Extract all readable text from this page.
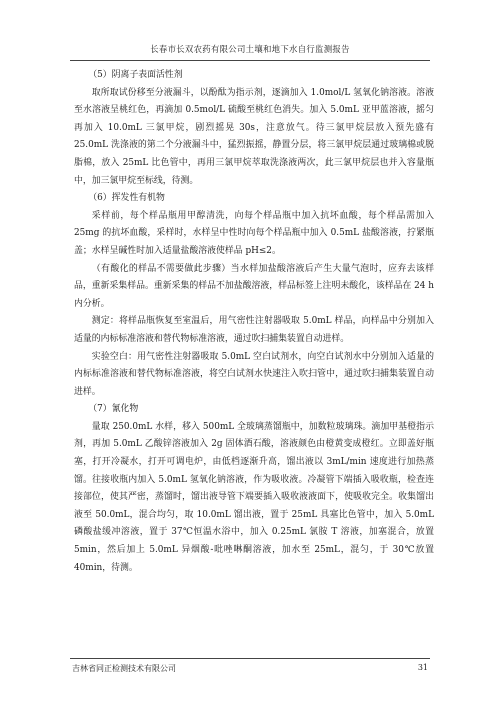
长春市长双农药有限公司土壤和地下水自行监测报告

（5）阴离子表面活性剂

取所取试份移至分液漏斗，以酚酞为指示剂，逐滴加入 1.0mol/L 氢氧化钠溶液。溶液至水溶液呈桃红色，再滴加 0.5mol/L 硫酸至桃红色消失。加入 5.0mL 亚甲蓝溶液，摇匀再加入 10.0mL 三氯甲烷，剧烈摇晃 30s，注意放气。待三氯甲烷层放入预先盛有 25.0mL 洗涤液的第二个分液漏斗中，猛烈振摇，静置分层，将三氯甲烷层通过玻璃棉或脱脂棉，放入 25mL 比色管中，再用三氯甲烷萃取洗涤液两次，此三氯甲烷层也并入容量瓶中，加三氯甲烷至标线，待测。

（6）挥发性有机物

采样前，每个样品瓶用甲醇清洗，向每个样品瓶中加入抗坏血酸，每个样品需加入 25mg 的抗坏血酸，采样时，水样呈中性时向每个样品瓶中加入 0.5mL 盐酸溶液，拧紧瓶盖；水样呈碱性时加入适量盐酸溶液使样品 pH≤2。

（有酸化的样品不需要做此步骤）当水样加盐酸溶液后产生大量气泡时，应弃去该样品，重新采集样品。重新采集的样品不加盐酸溶液，样品标签上注明未酸化，该样品在 24 h 内分析。

测定：将样品瓶恢复至室温后，用气密性注射器吸取 5.0mL 样品，向样品中分别加入适量的内标标准溶液和替代物标准溶液，通过吹扫捕集装置自动进样。

实验空白：用气密性注射器吸取 5.0mL 空白试剂水，向空白试剂水中分别加入适量的内标标准溶液和替代物标准溶液，将空白试剂水快速注入吹扫管中，通过吹扫捕集装置自动进样。

（7）氰化物

量取 250.0mL 水样，移入 500mL 全玻璃蒸馏瓶中，加数粒玻璃珠。滴加甲基橙指示剂，再加 5.0mL 乙酸锌溶液加入 2g 固体酒石酸，溶液颜色由橙黄变成橙红。立即盖好瓶塞，打开冷凝水，打开可调电炉，由低档逐渐升高，馏出液以 3mL/min 速度进行加热蒸馏。往接收瓶内加入 5.0mL 氢氧化钠溶液，作为吸收液。冷凝管下端插入吸收瓶，检查连接部位，使其严密，蒸馏时，馏出液导管下端要插入吸收液液面下，使吸收完全。收集馏出液至 50.0mL，混合均匀，取 10.0mL 馏出液，置于 25mL 具塞比色管中，加入 5.0mL 磷酸盐缓冲溶液，置于 37℃恒温水浴中，加入 0.25mL 氯胺 T 溶液，加塞混合，放置 5min，然后加上 5.0mL 异烟酸-吡唑啉酮溶液，加水至 25mL，混匀，于 30℃放置 40min，待测。

吉林省同正检测技术有限公司	31
